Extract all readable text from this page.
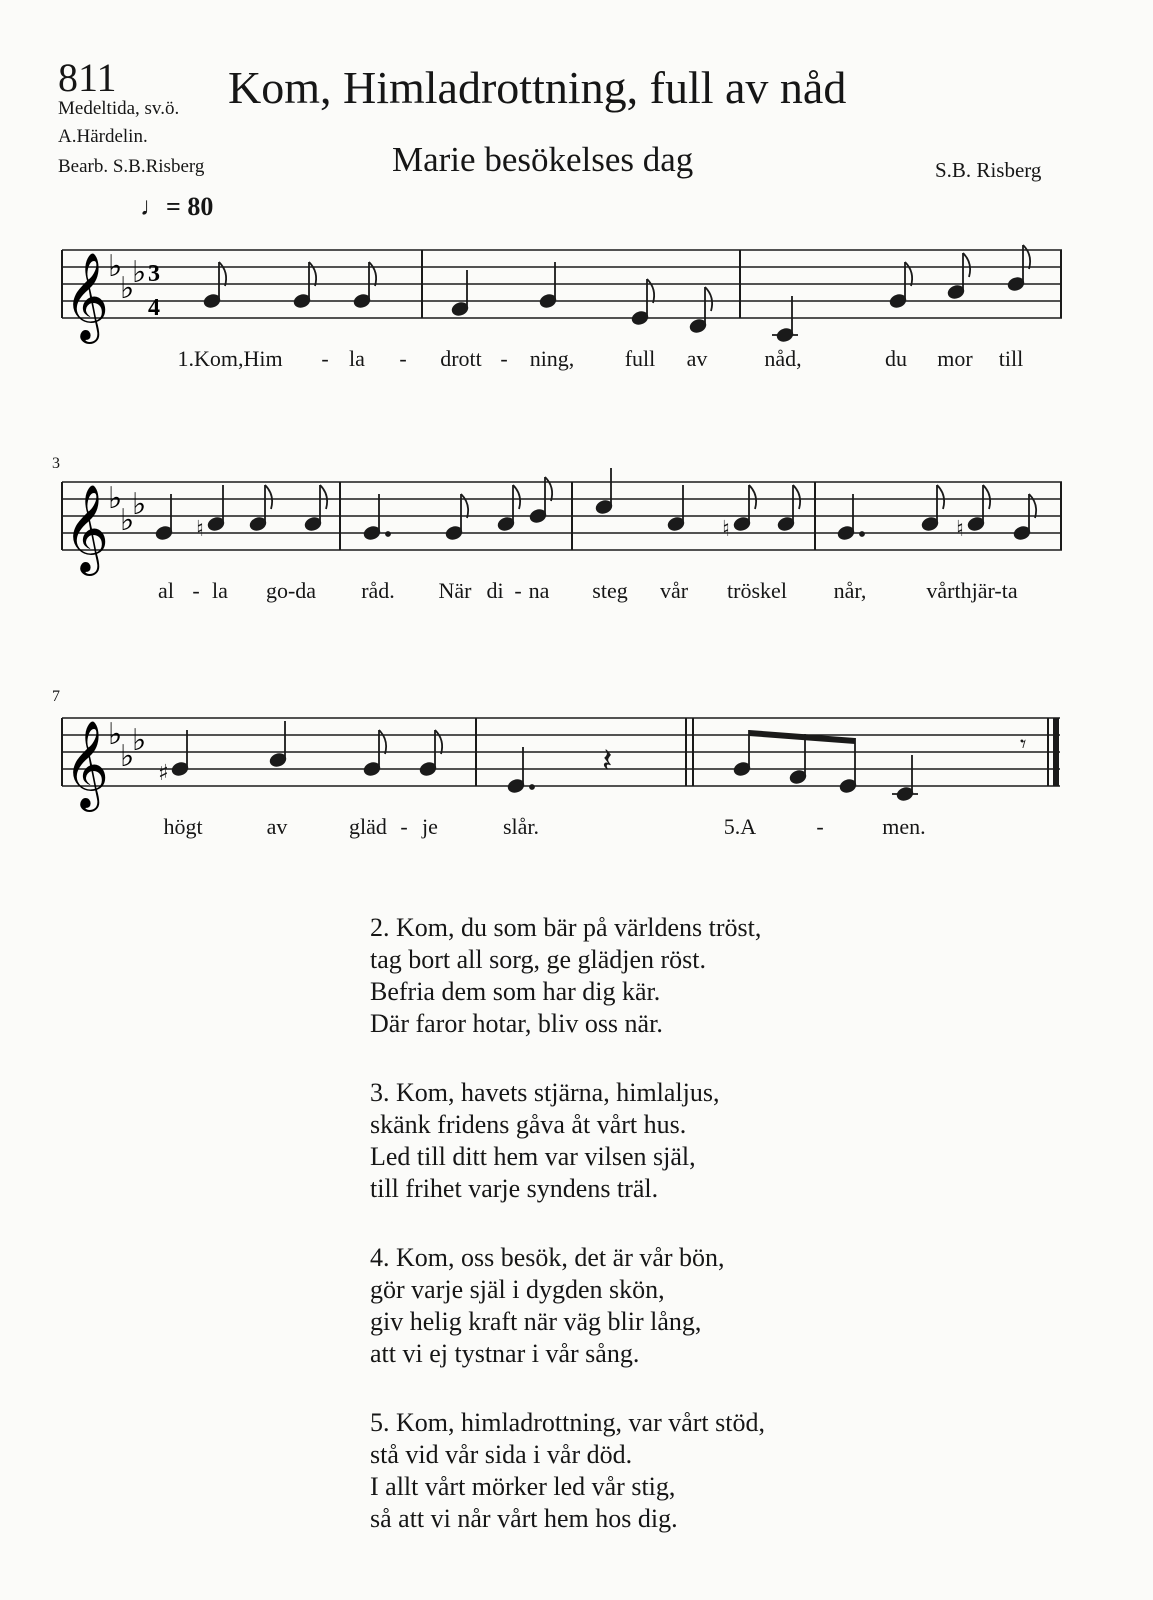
811
Medeltida, sv.ö.
A.Härdelin.
Bearb. S.B.Risberg
Kom, Himladrottning, full av nåd
Marie besökelses dag	S.B. Risberg
♩= 80
𝄞 ♭
♭
♭ 3
4
1.Kom,Him - la - drott - ning, full av	nåd,	du mor till
3
𝄞 ♭
♭
♭
♮	♮	♮
al - la go-da råd. När di - na steg vår tröskel når,	vårthjär-ta
7
𝄞 ♭
♭
♭
♯	𝄽	𝄾
högt	av	gläd - je	slår.	5.A	-	men.
2. Kom, du som bär på världens tröst,
tag bort all sorg, ge glädjen röst.
Befria dem som har dig kär.
Där faror hotar, bliv oss när.
3. Kom, havets stjärna, himlaljus,
skänk fridens gåva åt vårt hus.
Led till ditt hem var vilsen själ,
till frihet varje syndens träl.
4. Kom, oss besök, det är vår bön,
gör varje själ i dygden skön,
giv helig kraft när väg blir lång,
att vi ej tystnar i vår sång.
5. Kom, himladrottning, var vårt stöd,
stå vid vår sida i vår död.
I allt vårt mörker led vår stig,
så att vi når vårt hem hos dig.
